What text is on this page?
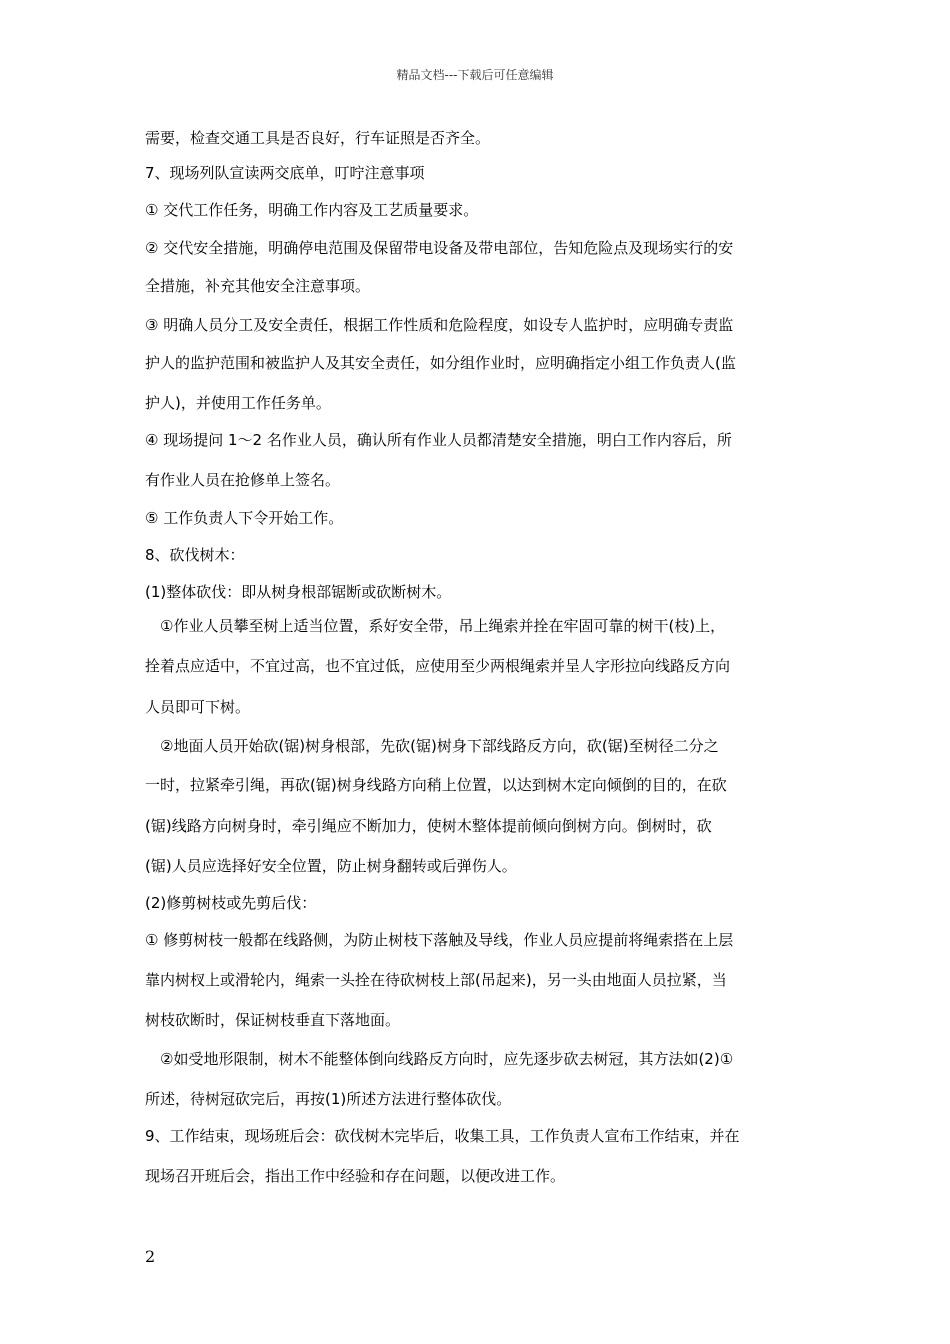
精品文档---下载后可任意编辑
需要，检查交通工具是否良好，行车证照是否齐全。
7、现场列队宣读两交底单，叮咛注意事项
① 交代工作任务，明确工作内容及工艺质量要求。
② 交代安全措施，明确停电范围及保留带电设备及带电部位，告知危险点及现场实行的安
全措施，补充其他安全注意事项。
③ 明确人员分工及安全责任，根据工作性质和危险程度，如设专人监护时，应明确专责监
护人的监护范围和被监护人及其安全责任，如分组作业时，应明确指定小组工作负责人(监
护人)，并使用工作任务单。
④ 现场提问 1～2 名作业人员，确认所有作业人员都清楚安全措施，明白工作内容后，所
有作业人员在抢修单上签名。
⑤ 工作负责人下令开始工作。
8、砍伐树木：
(1)整体砍伐：即从树身根部锯断或砍断树木。
　①作业人员攀至树上适当位置，系好安全带，吊上绳索并拴在牢固可靠的树干(枝)上，
拴着点应适中，不宜过高，也不宜过低，应使用至少两根绳索并呈人字形拉向线路反方向
人员即可下树。
　②地面人员开始砍(锯)树身根部，先砍(锯)树身下部线路反方向，砍(锯)至树径二分之
一时，拉紧牵引绳，再砍(锯)树身线路方向稍上位置，以达到树木定向倾倒的目的，在砍
(锯)线路方向树身时，牵引绳应不断加力，使树木整体提前倾向倒树方向。倒树时，砍
(锯)人员应选择好安全位置，防止树身翻转或后弹伤人。
(2)修剪树枝或先剪后伐：
① 修剪树枝一般都在线路侧，为防止树枝下落触及导线，作业人员应提前将绳索搭在上层
靠内树杈上或滑轮内，绳索一头拴在待砍树枝上部(吊起来)，另一头由地面人员拉紧，当
树枝砍断时，保证树枝垂直下落地面。
　②如受地形限制，树木不能整体倒向线路反方向时，应先逐步砍去树冠，其方法如(2)①
所述，待树冠砍完后，再按(1)所述方法进行整体砍伐。
9、工作结束，现场班后会：砍伐树木完毕后，收集工具，工作负责人宣布工作结束，并在
现场召开班后会，指出工作中经验和存在问题，以便改进工作。
2
